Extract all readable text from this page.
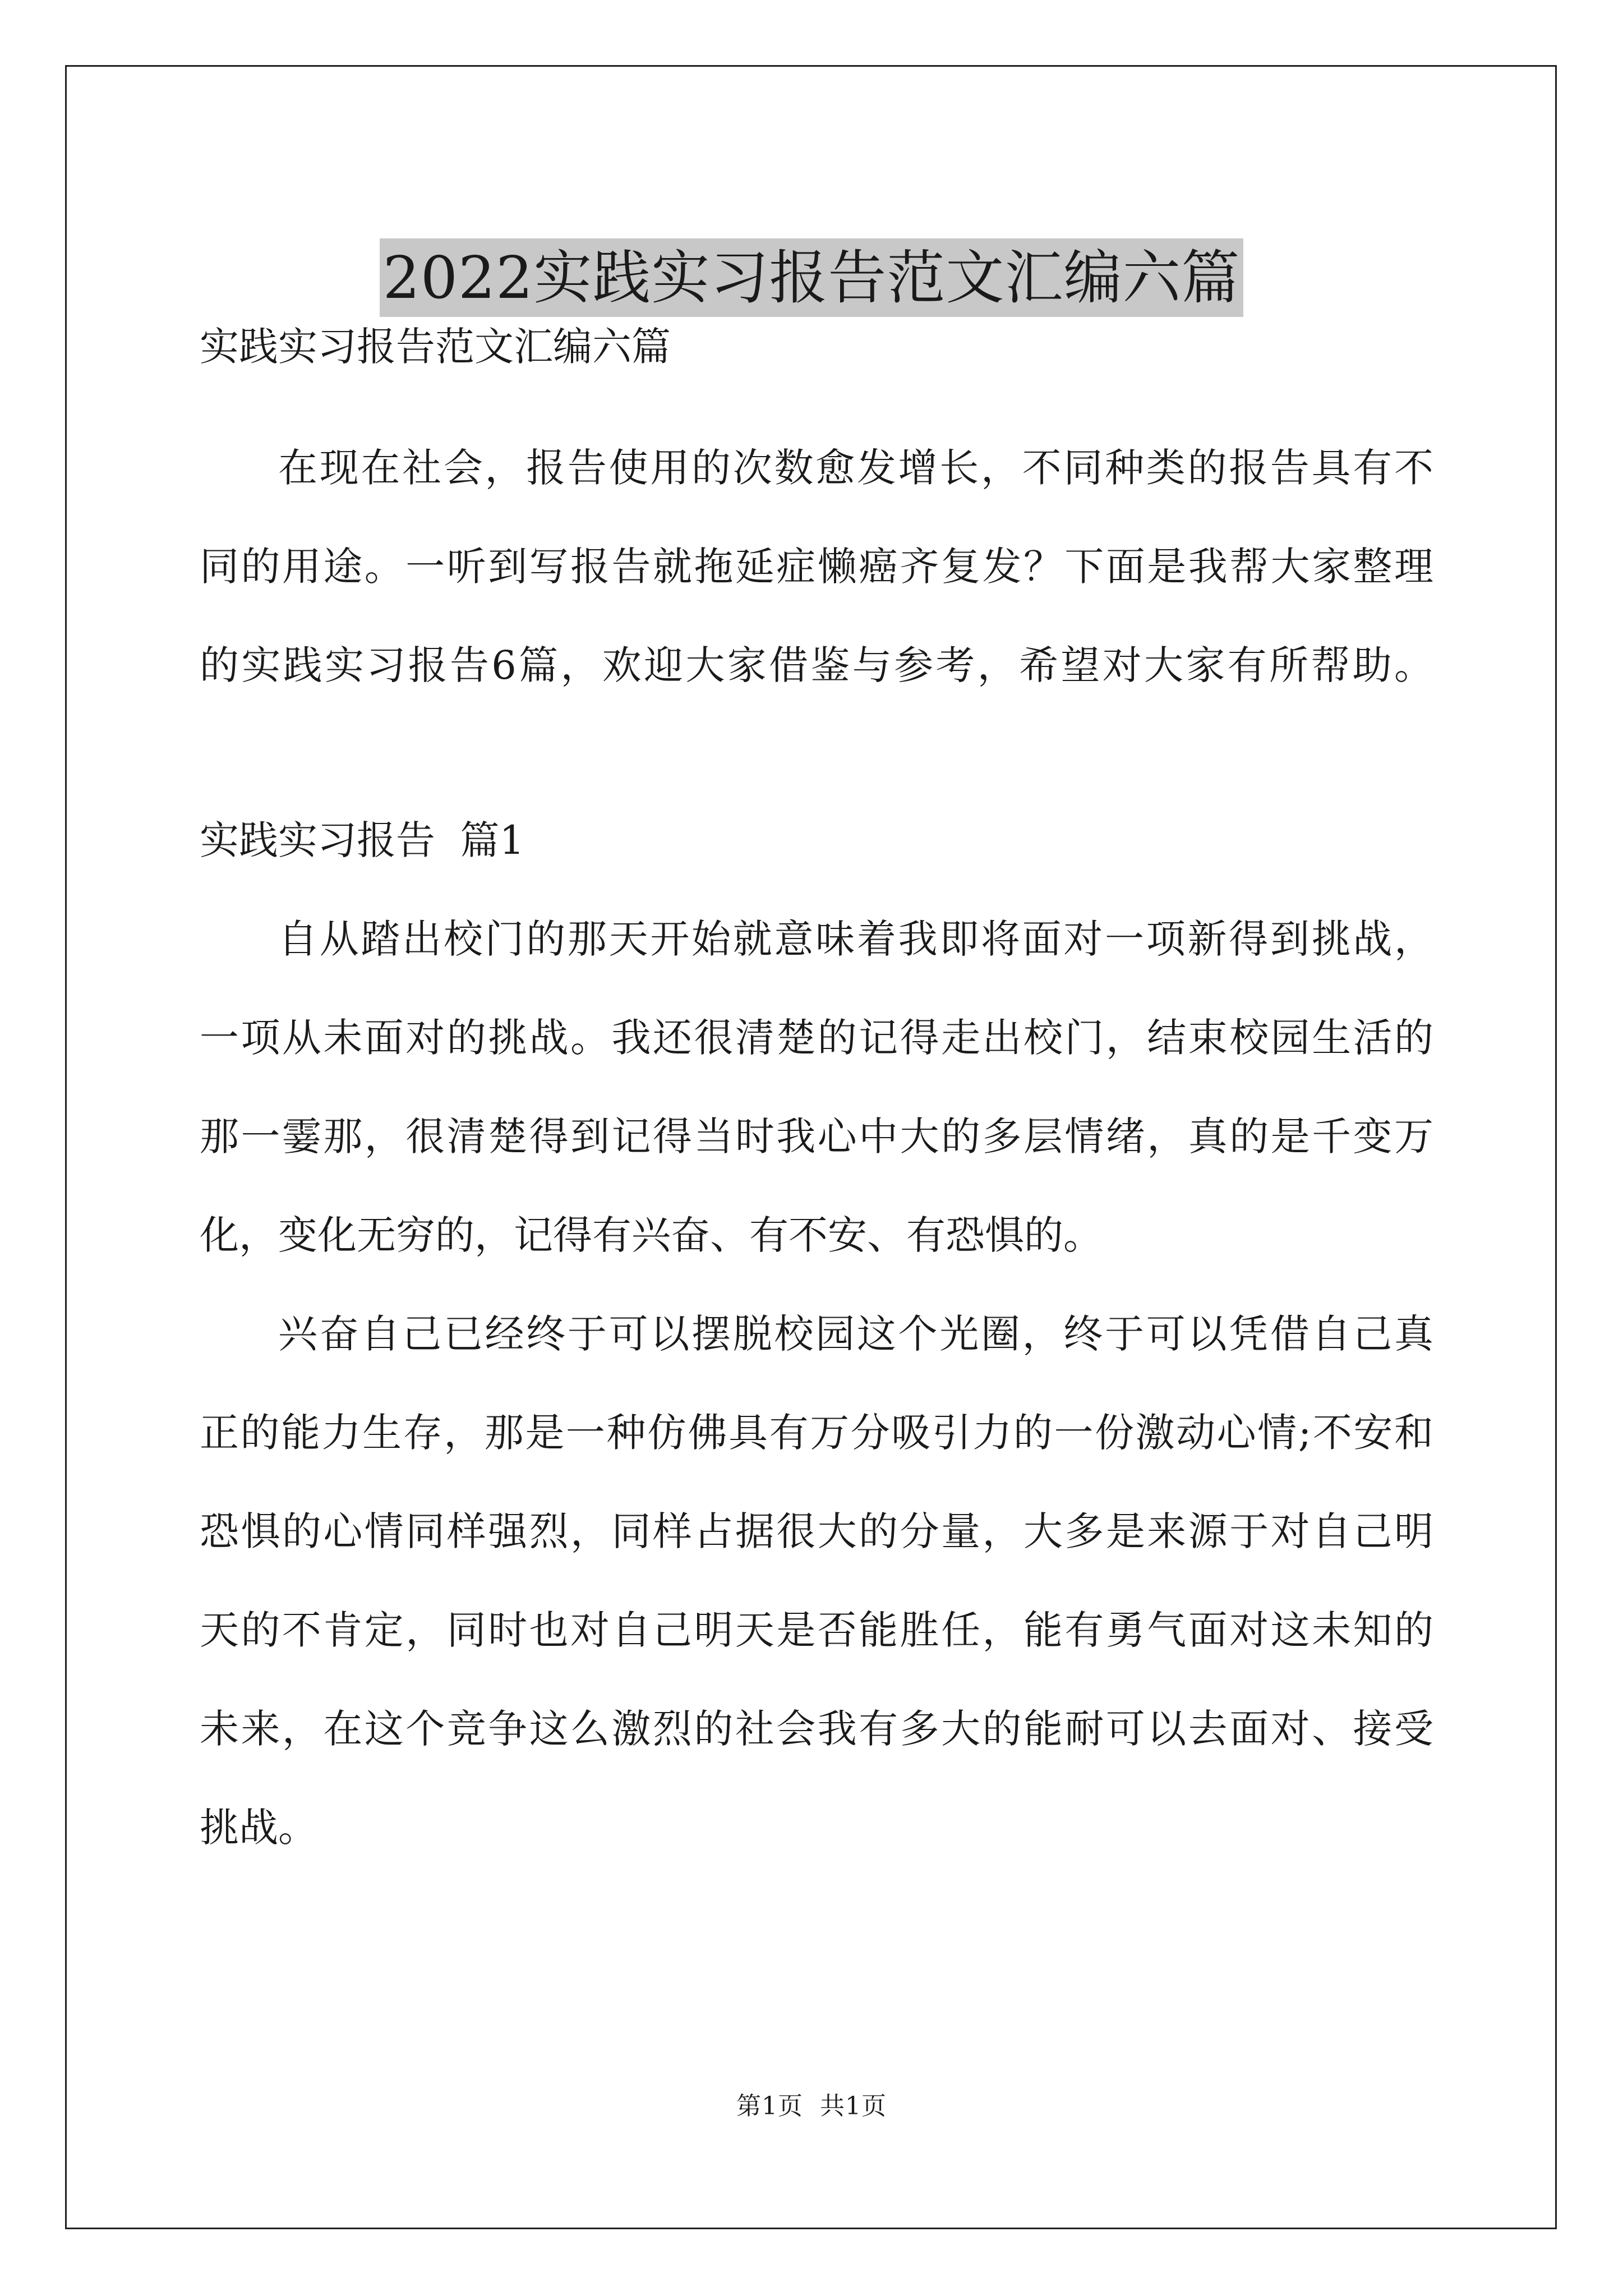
2022实践实习报告范文汇编六篇

实践实习报告范文汇编六篇

在现在社会，报告使用的次数愈发增长，不同种类的报告具有不

同的用途。一听到写报告就拖延症懒癌齐复发？下面是我帮大家整理

的实践实习报告6篇，欢迎大家借鉴与参考，希望对大家有所帮助。

实践实习报告  篇1

自从踏出校门的那天开始就意味着我即将面对一项新得到挑战，

一项从未面对的挑战。我还很清楚的记得走出校门，结束校园生活的

那一霎那，很清楚得到记得当时我心中大的多层情绪，真的是千变万

化，变化无穷的，记得有兴奋、有不安、有恐惧的。

兴奋自己已经终于可以摆脱校园这个光圈，终于可以凭借自己真

正的能力生存，那是一种仿佛具有万分吸引力的一份激动心情;不安和

恐惧的心情同样强烈，同样占据很大的分量，大多是来源于对自己明

天的不肯定，同时也对自己明天是否能胜任，能有勇气面对这未知的

未来，在这个竞争这么激烈的社会我有多大的能耐可以去面对、接受

挑战。

第1页  共1页
